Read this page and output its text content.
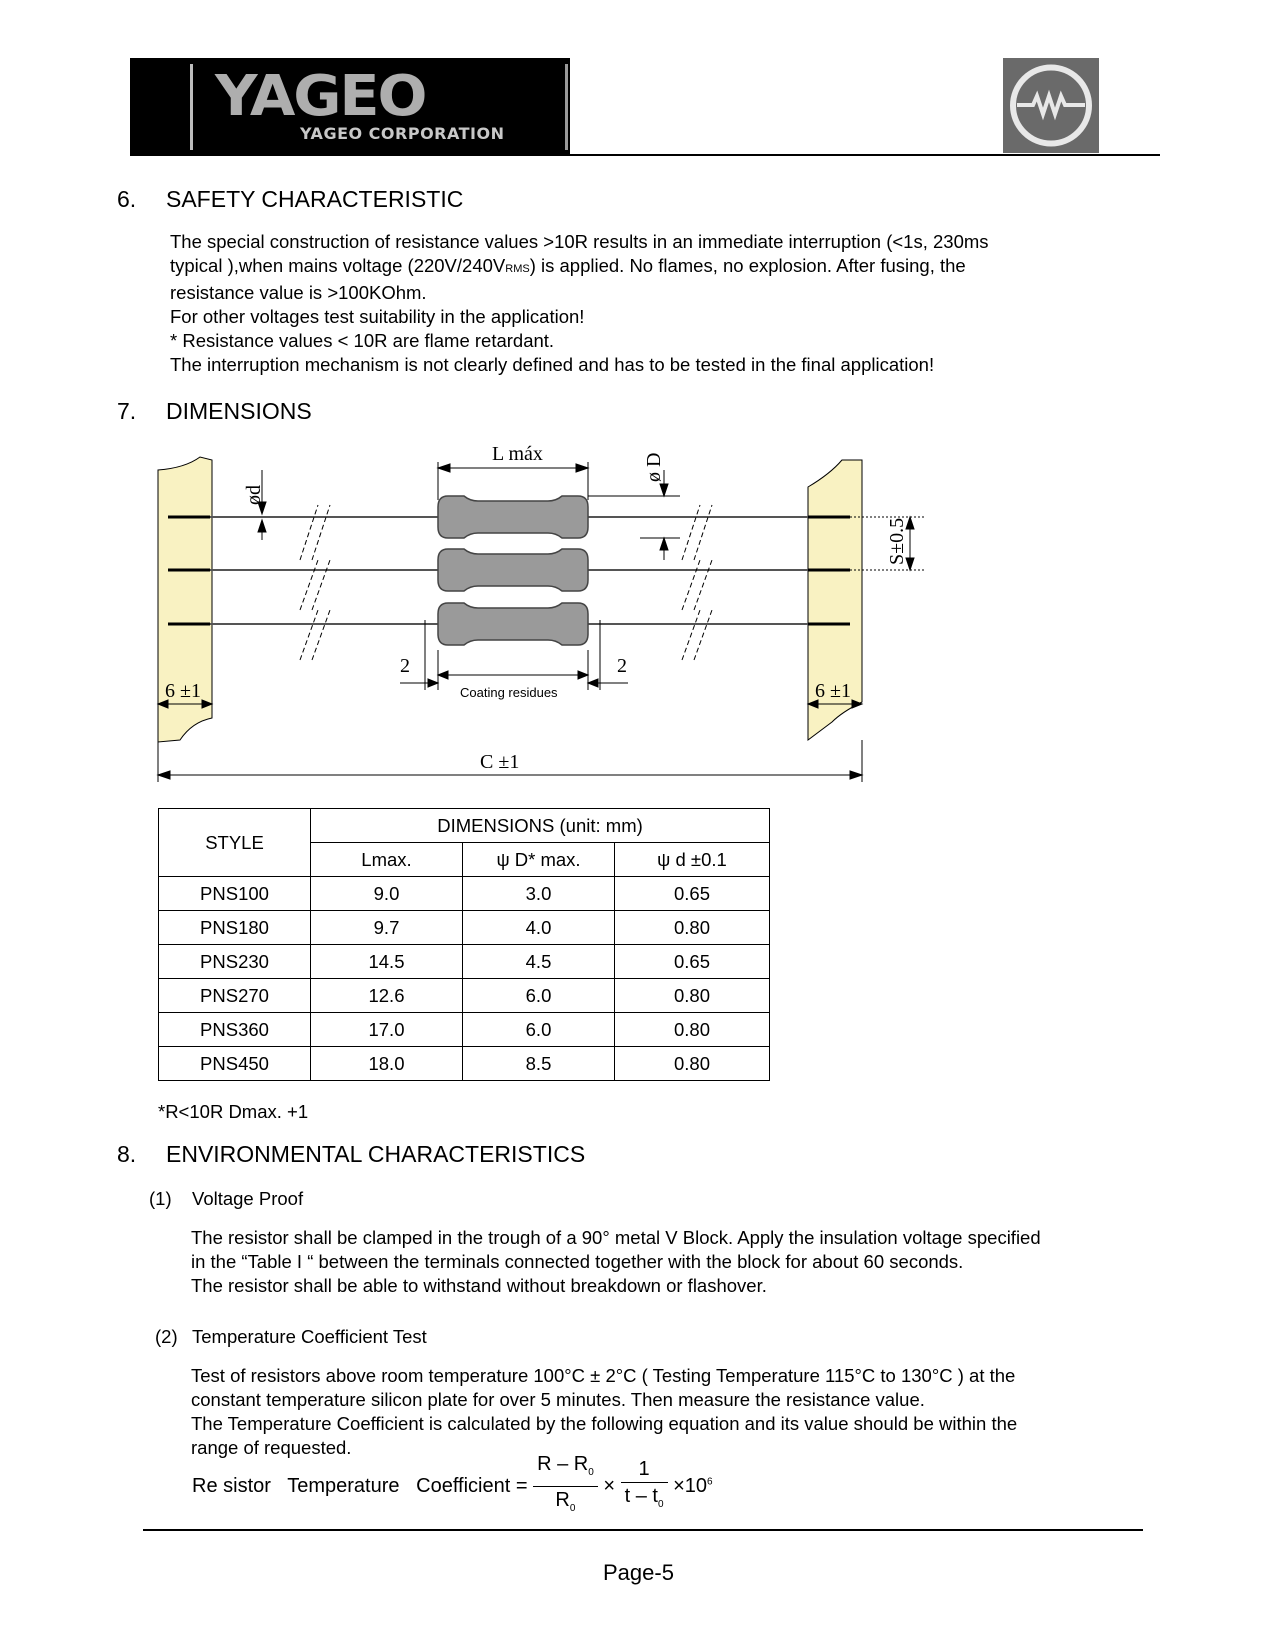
YAGEO
YAGEO CORPORATION
6. SAFETY CHARACTERISTIC
The special construction of resistance values >10R results in an immediate interruption (<1s, 230ms
typical ),when mains voltage (220V/240VRMS) is applied. No flames, no explosion. After fusing, the
resistance value is >100KOhm.
For other voltages test suitability in the application!
* Resistance values < 10R are flame retardant.
The interruption mechanism is not clearly defined and has to be tested in the final application!
7. DIMENSIONS
L máx
ød
ø D
S±0.5
6 ±1	6 ±1
2	2
Coating residues
C ±1
STYLE	DIMENSIONS (unit: mm)		
	Lmax.	ψ D* max.	ψ d ±0.1
PNS100	9.0	3.0	0.65
PNS180	9.7	4.0	0.80
PNS230	14.5	4.5	0.65
PNS270	12.6	6.0	0.80
PNS360	17.0	6.0	0.80
PNS450	18.0	8.5	0.80
*R<10R Dmax. +1
8. ENVIRONMENTAL CHARACTERISTICS
(1) Voltage Proof
The resistor shall be clamped in the trough of a 90° metal V Block. Apply the insulation voltage specified
in the “Table I “ between the terminals connected together with the block for about 60 seconds.
The resistor shall be able to withstand without breakdown or flashover.
(2) Temperature Coefficient Test
Test of resistors above room temperature 100°C ± 2°C ( Testing Temperature 115°C to 130°C ) at the
constant temperature silicon plate for over 5 minutes. Then measure the resistance value.
The Temperature Coefficient is calculated by the following equation and its value should be within the
range of requested.
Re sistor   Temperature   Coefficient = $\frac{R - R_0}{R_0} \times \frac{1}{t - t_0} \times 10^6$
Page-5
